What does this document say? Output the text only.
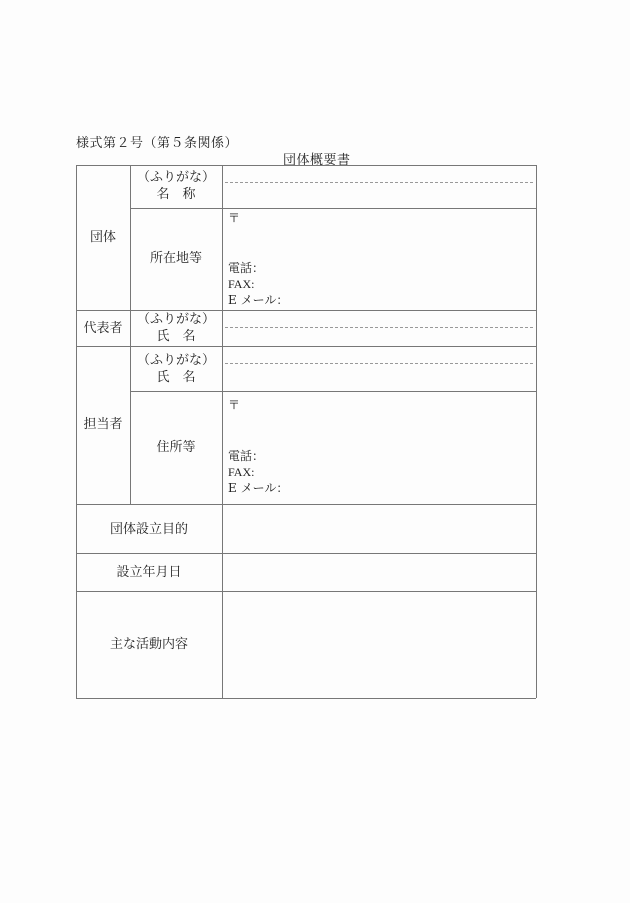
様式第２号（第５条関係）
団体概要書
団体
（ふりがな）
名　称
所在地等
〒
電話：
FAX:
E メール：
代表者
（ふりがな）
氏　名
担当者
（ふりがな）
氏　名
住所等
〒
電話：
FAX:
E メール：
団体設立目的
設立年月日
主な活動内容
